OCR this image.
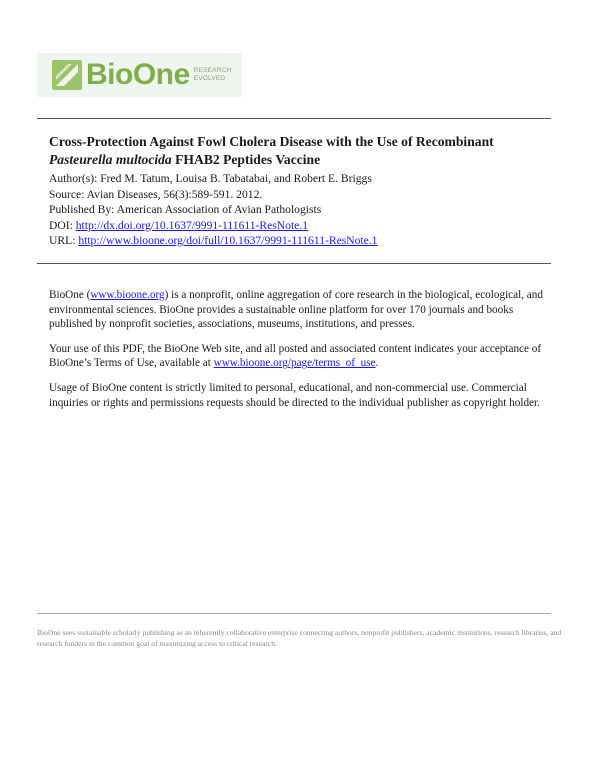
BioOne RESEARCH
EVOLVED

Cross-Protection Against Fowl Cholera Disease with the Use of Recombinant
Pasteurella multocida FHAB2 Peptides Vaccine

Author(s): Fred M. Tatum, Louisa B. Tabatabai, and Robert E. Briggs
Source: Avian Diseases, 56(3):589-591. 2012.
Published By: American Association of Avian Pathologists
DOI: http://dx.doi.org/10.1637/9991-111611-ResNote.1
URL: http://www.bioone.org/doi/full/10.1637/9991-111611-ResNote.1

BioOne (www.bioone.org) is a nonprofit, online aggregation of core research in the biological, ecological, and environmental sciences. BioOne provides a sustainable online platform for over 170 journals and books published by nonprofit societies, associations, museums, institutions, and presses.

Your use of this PDF, the BioOne Web site, and all posted and associated content indicates your acceptance of BioOne’s Terms of Use, available at www.bioone.org/page/terms_of_use.

Usage of BioOne content is strictly limited to personal, educational, and non-commercial use. Commercial inquiries or rights and permissions requests should be directed to the individual publisher as copyright holder.

BioOne sees sustainable scholarly publishing as an inherently collaborative enterprise connecting authors, nonprofit publishers, academic institutions, research libraries, and research funders in the common goal of maximizing access to critical research.
